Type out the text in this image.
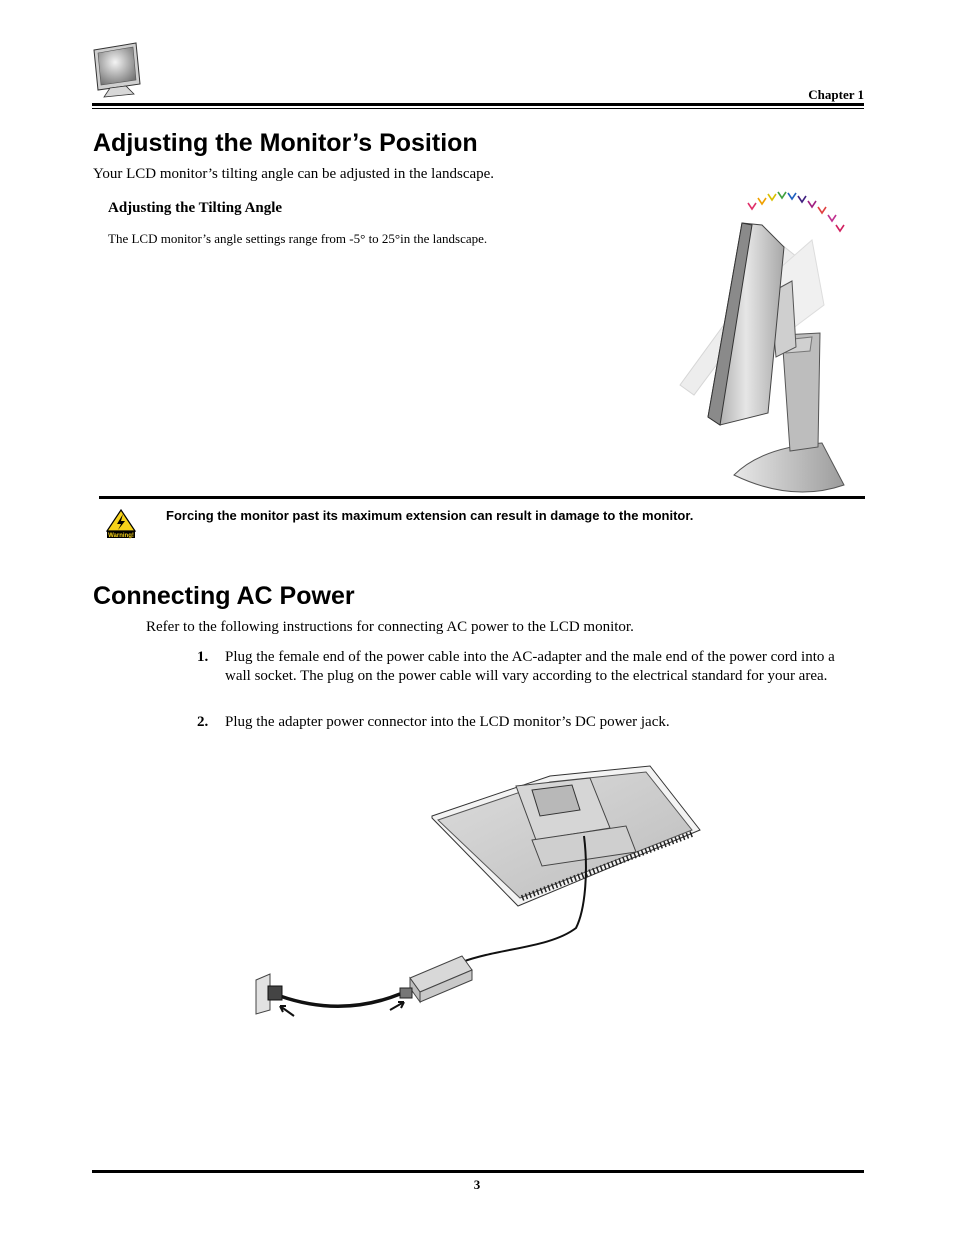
Chapter 1
Adjusting the Monitor’s Position
Your LCD monitor’s tilting angle can be adjusted in the landscape.
Adjusting the Tilting Angle
The LCD monitor’s angle settings range from -5° to 25°in the landscape.
Warning!
Forcing the monitor past its maximum extension can result in damage to the monitor.
Connecting AC Power
Refer to the following instructions for connecting AC power to the LCD monitor.
1. Plug the female end of the power cable into the AC-adapter and the male end of the power cord into a wall socket. The plug on the power cable will vary according to the electrical standard for your area.
2. Plug the adapter power connector into the LCD monitor’s DC power jack.
3
